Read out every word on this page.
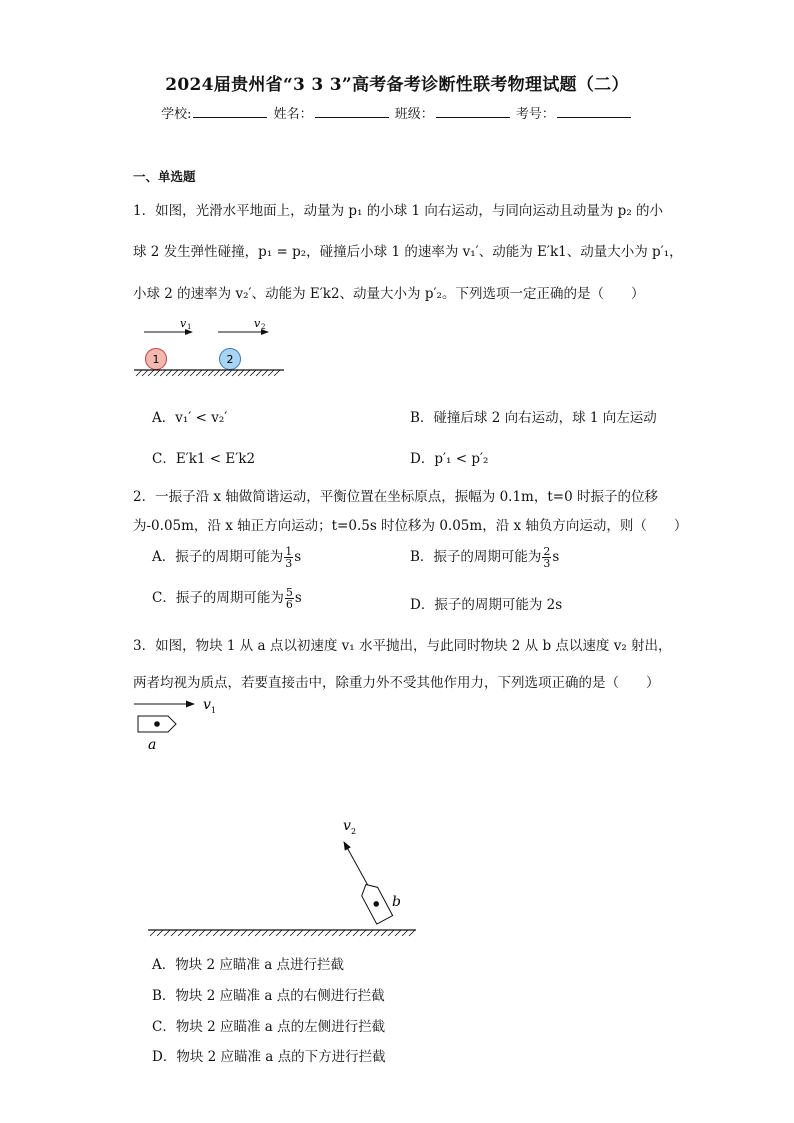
2024届贵州省“3 3 3”高考备考诊断性联考物理试题（二）
学校:	姓名：	班级：	考号：
一、单选题
1．如图，光滑水平地面上，动量为 p₁ 的小球 1 向右运动，与同向运动且动量为 p₂ 的小
球 2 发生弹性碰撞，p₁ = p₂，碰撞后小球 1 的速率为 v₁′、动能为 E′k1、动量大小为 p′₁，
小球 2 的速率为 v₂′、动能为 E′k2、动量大小为 p′₂。下列选项一定正确的是（　　）
v 1	v 2
1	2
A．v₁′ < v₂′	B．碰撞后球 2 向右运动，球 1 向左运动
C．E′k1 < E′k2	D．p′₁ < p′₂
2．一振子沿 x 轴做简谐运动，平衡位置在坐标原点，振幅为 0.1m，t=0 时振子的位移
为-0.05m，沿 x 轴正方向运动；t=0.5s 时位移为 0.05m，沿 x 轴负方向运动，则（　　）
A．振子的周期可能为 $\frac{1}{3}$ s	B．振子的周期可能为 $\frac{2}{3}$ s
C．振子的周期可能为 $\frac{5}{6}$ s	D．振子的周期可能为 2s
3．如图，物块 1 从 a 点以初速度 v₁ 水平抛出，与此同时物块 2 从 b 点以速度 v₂ 射出，
两者均视为质点，若要直接击中，除重力外不受其他作用力，下列选项正确的是（　　）
v 1
a
v 2
b
A．物块 2 应瞄准 a 点进行拦截
B．物块 2 应瞄准 a 点的右侧进行拦截
C．物块 2 应瞄准 a 点的左侧进行拦截
D．物块 2 应瞄准 a 点的下方进行拦截
